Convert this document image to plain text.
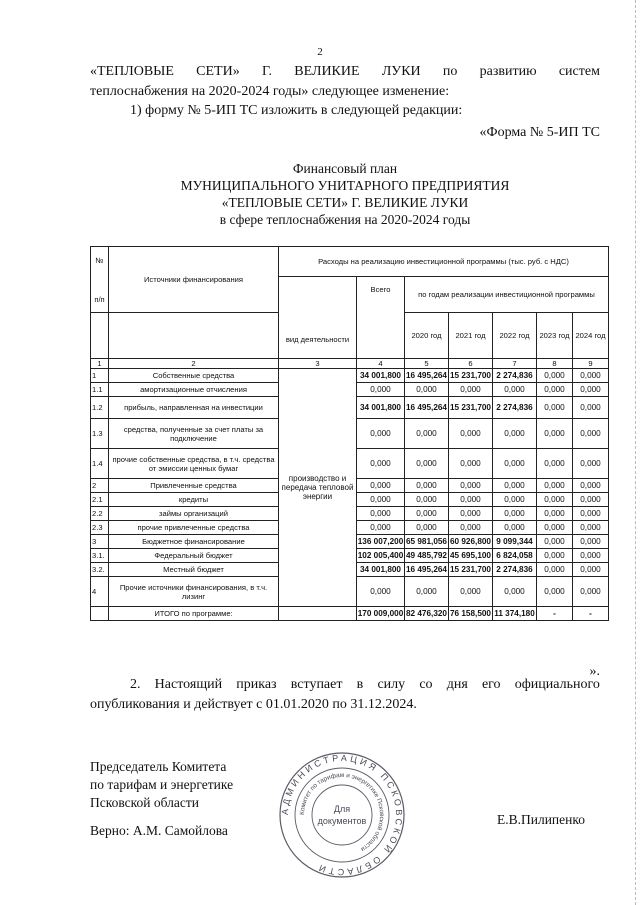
2
«ТЕПЛОВЫЕ СЕТИ» Г. ВЕЛИКИЕ ЛУКИ по развитию систем
теплоснабжения на 2020-2024 годы» следующее изменение:
1) форму № 5-ИП ТС изложить в следующей редакции:
«Форма № 5-ИП ТС
Финансовый план
МУНИЦИПАЛЬНОГО УНИТАРНОГО ПРЕДПРИЯТИЯ
«ТЕПЛОВЫЕ СЕТИ» Г. ВЕЛИКИЕ ЛУКИ
в сфере теплоснабжения на 2020-2024 годы
№
п/п	Источники финансирования	Расходы на реализацию инвестиционной программы (тыс. руб. с НДС)						
		вид деятельности	Всего	по годам реализации инвестиционной программы				
				2020 год	2021 год	2022 год	2023 год	2024 год
1	2	3	4	5	6	7	8	9
1	Собственные средства	производство и передача тепловой энергии	34 001,800	16 495,264	15 231,700	2 274,836	0,000	0,000
1.1	амортизационные отчисления		0,000	0,000	0,000	0,000	0,000	0,000
1.2	прибыль, направленная на инвестиции		34 001,800	16 495,264	15 231,700	2 274,836	0,000	0,000
1.3	средства, полученные за счет платы за подключение		0,000	0,000	0,000	0,000	0,000	0,000
1.4	прочие собственные средства, в т.ч. средства от эмиссии ценных бумаг		0,000	0,000	0,000	0,000	0,000	0,000
2	Привлеченные средства		0,000	0,000	0,000	0,000	0,000	0,000
2.1	кредиты		0,000	0,000	0,000	0,000	0,000	0,000
2.2	займы организаций		0,000	0,000	0,000	0,000	0,000	0,000
2.3	прочие привлеченные средства		0,000	0,000	0,000	0,000	0,000	0,000
3	Бюджетное финансирование		136 007,200	65 981,056	60 926,800	9 099,344	0,000	0,000
3.1.	Федеральный бюджет		102 005,400	49 485,792	45 695,100	6 824,058	0,000	0,000
3.2.	Местный бюджет		34 001,800	16 495,264	15 231,700	2 274,836	0,000	0,000
4	Прочие источники финансирования, в т.ч. лизинг		0,000	0,000	0,000	0,000	0,000	0,000
	ИТОГО по программе:		170 009,000	82 476,320	76 158,500	11 374,180	-	-
».
2. Настоящий приказ вступает в силу со дня его официального
опубликования и действует с 01.01.2020 по 31.12.2024.
Председатель Комитета
по тарифам и энергетике
Псковской области
Е.В.Пилипенко
Верно: А.М. Самойлова
АДМИНИСТРАЦИЯ ПСКОВСКОЙ ОБЛАСТИ
Комитет по тарифам и энергетике Псковской области
Для
документов
